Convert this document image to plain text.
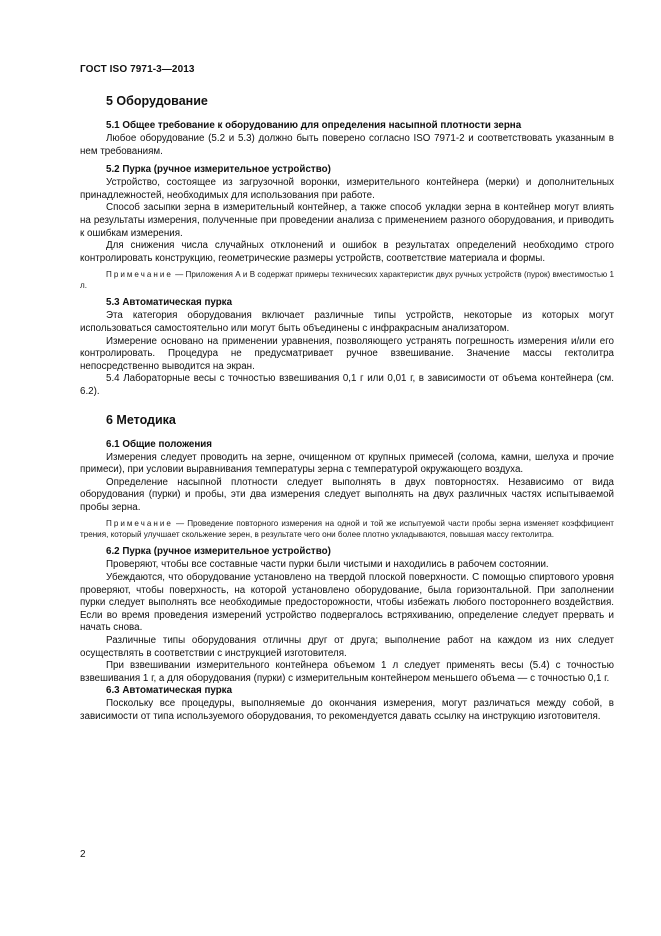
ГОСТ ISO 7971-3—2013
5 Оборудование
5.1 Общее требование к оборудованию для определения насыпной плотности зерна

Любое оборудование (5.2 и 5.3) должно быть поверено согласно ISO 7971-2 и соответствовать указанным в нем требованиям.

5.2 Пурка (ручное измерительное устройство)

Устройство, состоящее из загрузочной воронки, измерительного контейнера (мерки) и дополнительных принадлежностей, необходимых для использования при работе.

Способ засыпки зерна в измерительный контейнер, а также способ укладки зерна в контейнер могут влиять на результаты измерения, полученные при проведении анализа с применением разного оборудования, и приводить к ошибкам измерения.

Для снижения числа случайных отклонений и ошибок в результатах определений необходимо строго контролировать конструкцию, геометрические размеры устройств, соответствие материала и формы.

Примечание — Приложения А и В содержат примеры технических характеристик двух ручных устройств (пурок) вместимостью 1 л.

5.3 Автоматическая пурка

Эта категория оборудования включает различные типы устройств, некоторые из которых могут использоваться самостоятельно или могут быть объединены с инфракрасным анализатором.

Измерение основано на применении уравнения, позволяющего устранять погрешность измерения и/или его контролировать. Процедура не предусматривает ручное взвешивание. Значение массы гектолитра непосредственно выводится на экран.

5.4 Лабораторные весы с точностью взвешивания 0,1 г или 0,01 г, в зависимости от объема контейнера (см. 6.2).

6 Методика
6.1 Общие положения

Измерения следует проводить на зерне, очищенном от крупных примесей (солома, камни, шелуха и прочие примеси), при условии выравнивания температуры зерна с температурой окружающего воздуха.

Определение насыпной плотности следует выполнять в двух повторностях. Независимо от вида оборудования (пурки) и пробы, эти два измерения следует выполнять на двух различных частях испытываемой пробы зерна.

Примечание — Проведение повторного измерения на одной и той же испытуемой части пробы зерна изменяет коэффициент трения, который улучшает скольжение зерен, в результате чего они более плотно укладываются, повышая массу гектолитра.

6.2 Пурка (ручное измерительное устройство)

Проверяют, чтобы все составные части пурки были чистыми и находились в рабочем состоянии.

Убеждаются, что оборудование установлено на твердой плоской поверхности. С помощью спиртового уровня проверяют, чтобы поверхность, на которой установлено оборудование, была горизонтальной. При заполнении пурки следует выполнять все необходимые предосторожности, чтобы избежать любого постороннего воздействия. Если во время проведения измерений устройство подвергалось встряхиванию, определение следует прервать и начать снова.

Различные типы оборудования отличны друг от друга; выполнение работ на каждом из них следует осуществлять в соответствии с инструкцией изготовителя.

При взвешивании измерительного контейнера объемом 1 л следует применять весы (5.4) с точностью взвешивания 1 г, а для оборудования (пурки) с измерительным контейнером меньшего объема — с точностью 0,1 г.

6.3 Автоматическая пурка

Поскольку все процедуры, выполняемые до окончания измерения, могут различаться между собой, в зависимости от типа используемого оборудования, то рекомендуется давать ссылку на инструкцию изготовителя.

2
